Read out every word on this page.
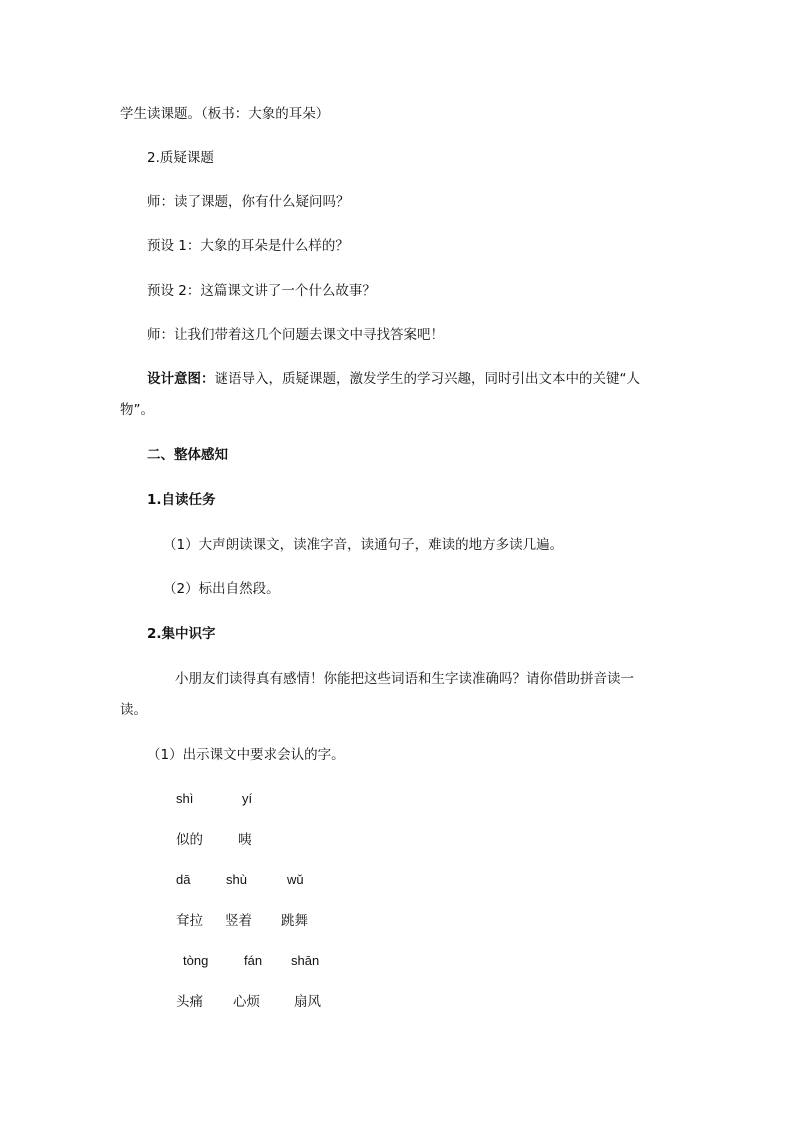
学生读课题。（板书：大象的耳朵）
2.质疑课题
师：读了课题，你有什么疑问吗？
预设 1：大象的耳朵是什么样的？
预设 2：这篇课文讲了一个什么故事？
师：让我们带着这几个问题去课文中寻找答案吧！
设计意图：谜语导入，质疑课题，激发学生的学习兴趣，同时引出文本中的关键“人
物”。
二、整体感知
1.自读任务
（1）大声朗读课文，读准字音，读通句子，难读的地方多读几遍。
（2）标出自然段。
2.集中识字
小朋友们读得真有感情！你能把这些词语和生字读准确吗？请你借助拼音读一
读。
（1）出示课文中要求会认的字。
shì	yí
似的	咦
dā	shù	wǔ
耷拉 竖着 跳舞
tòng	fán shān
头痛 心烦	扇风
